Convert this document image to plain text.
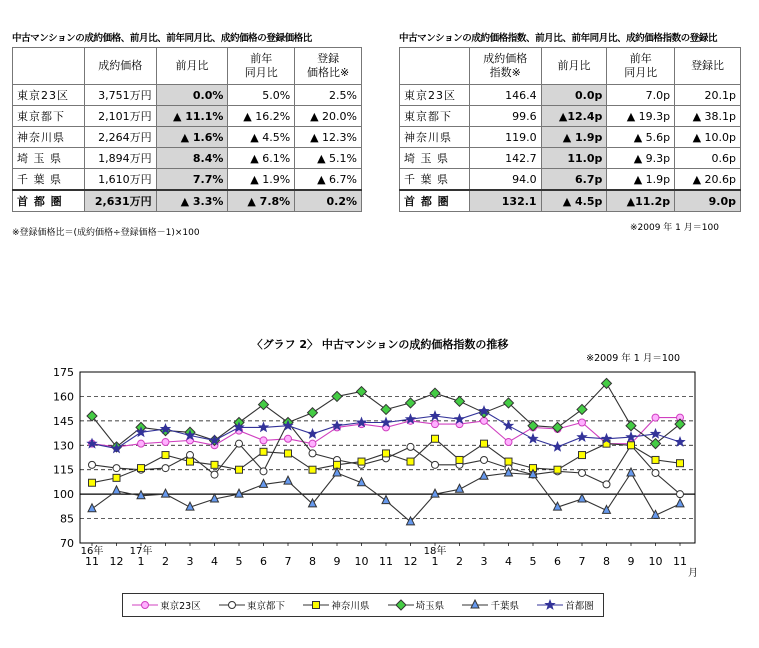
中古マンションの成約価格、前月比、前年同月比、成約価格の登録価格比
	成約価格	前月比	前年
同月比	登録
価格比※
東京23区	3,751万円	0.0%	5.0%	2.5%
東京都下	2,101万円	▲ 11.1%	▲ 16.2%	▲ 20.0%
神奈川県	2,264万円	▲ 1.6%	▲ 4.5%	▲ 12.3%
埼 玉 県	1,894万円	8.4%	▲ 6.1%	▲ 5.1%
千 葉 県	1,610万円	7.7%	▲ 1.9%	▲ 6.7%
首 都 圏	2,631万円	▲ 3.3%	▲ 7.8%	0.2%
※登録価格比＝(成約価格÷登録価格－1)×100
中古マンションの成約価格指数、前月比、前年同月比、成約価格指数の登録比
	成約価格
指数※	前月比	前年
同月比	登録比
東京23区	146.4	0.0p	7.0p	20.1p
東京都下	99.6	▲12.4p	▲ 19.3p	▲ 38.1p
神奈川県	119.0	▲ 1.9p	▲ 5.6p	▲ 10.0p
埼 玉 県	142.7	11.0p	▲ 9.3p	0.6p
千 葉 県	94.0	6.7p	▲ 1.9p	▲ 20.6p
首 都 圏	132.1	▲ 4.5p	▲11.2p	9.0p
※2009 年 1 月＝100
〈グラフ 2〉 中古マンションの成約価格指数の推移
※2009 年 1 月＝100
70
85
100
115
130
145
160
175
11 12 1 2 3 4 5 6 7 8 9 10 11 12 1 2 3 4 5 6 7 8 9 10 11
16年	17年	18年
月
東京23区	東京都下	神奈川県	埼玉県	千葉県	首都圏
